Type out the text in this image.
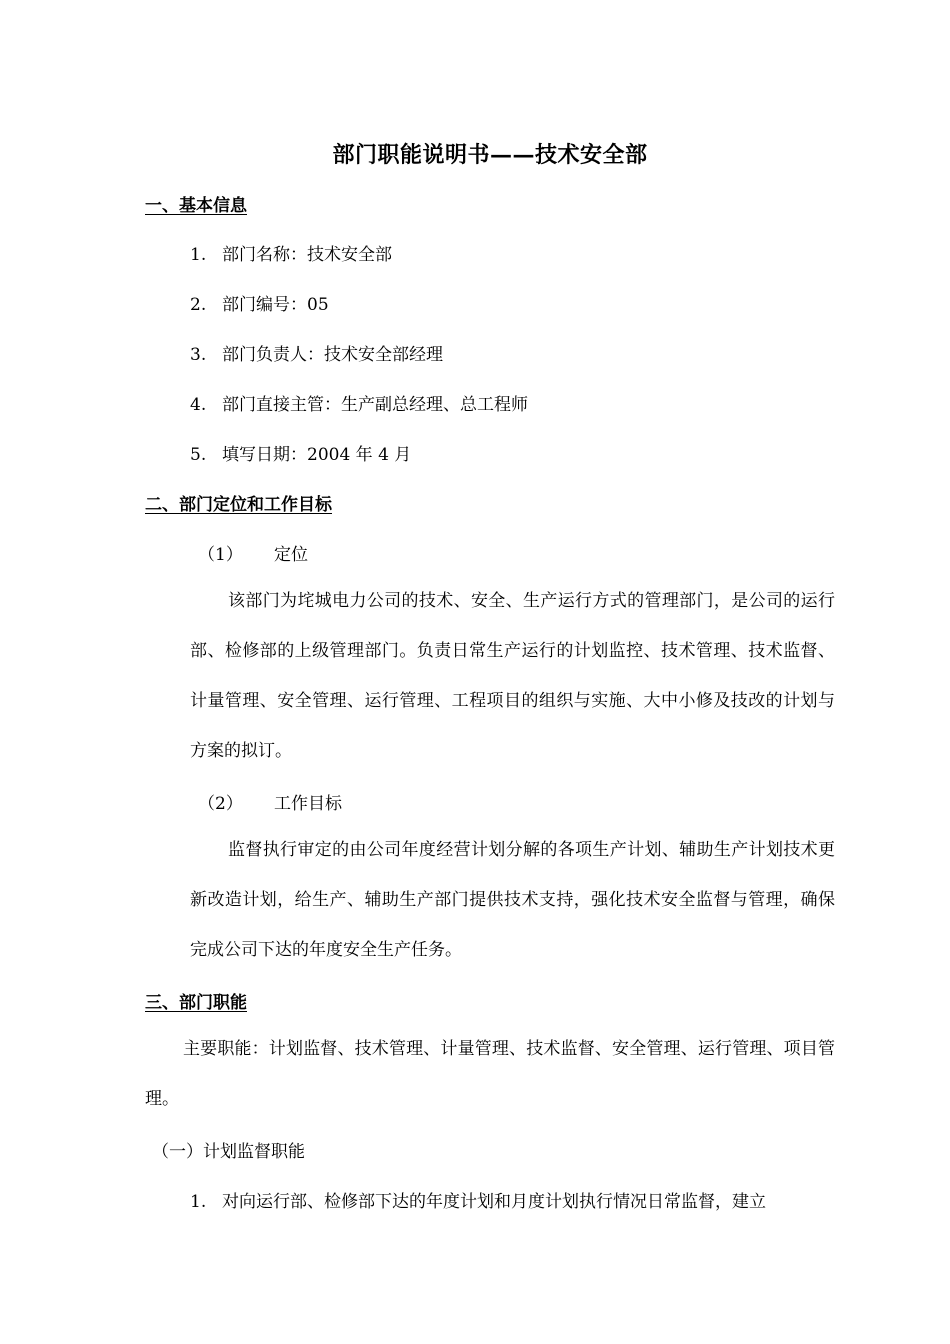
部门职能说明书——技术安全部
一、基本信息
1. 部门名称：技术安全部
2. 部门编号：05
3. 部门负责人：技术安全部经理
4. 部门直接主管：生产副总经理、总工程师
5. 填写日期：2004 年 4 月
二、部门定位和工作目标
（1） 定位
该部门为垞城电力公司的技术、安全、生产运行方式的管理部门，是公司的运行部、检修部的上级管理部门。负责日常生产运行的计划监控、技术管理、技术监督、计量管理、安全管理、运行管理、工程项目的组织与实施、大中小修及技改的计划与方案的拟订。
（2） 工作目标
监督执行审定的由公司年度经营计划分解的各项生产计划、辅助生产计划技术更新改造计划，给生产、辅助生产部门提供技术支持，强化技术安全监督与管理，确保完成公司下达的年度安全生产任务。
三、部门职能
主要职能：计划监督、技术管理、计量管理、技术监督、安全管理、运行管理、项目管理。
（一）计划监督职能
1. 对向运行部、检修部下达的年度计划和月度计划执行情况日常监督，建立
